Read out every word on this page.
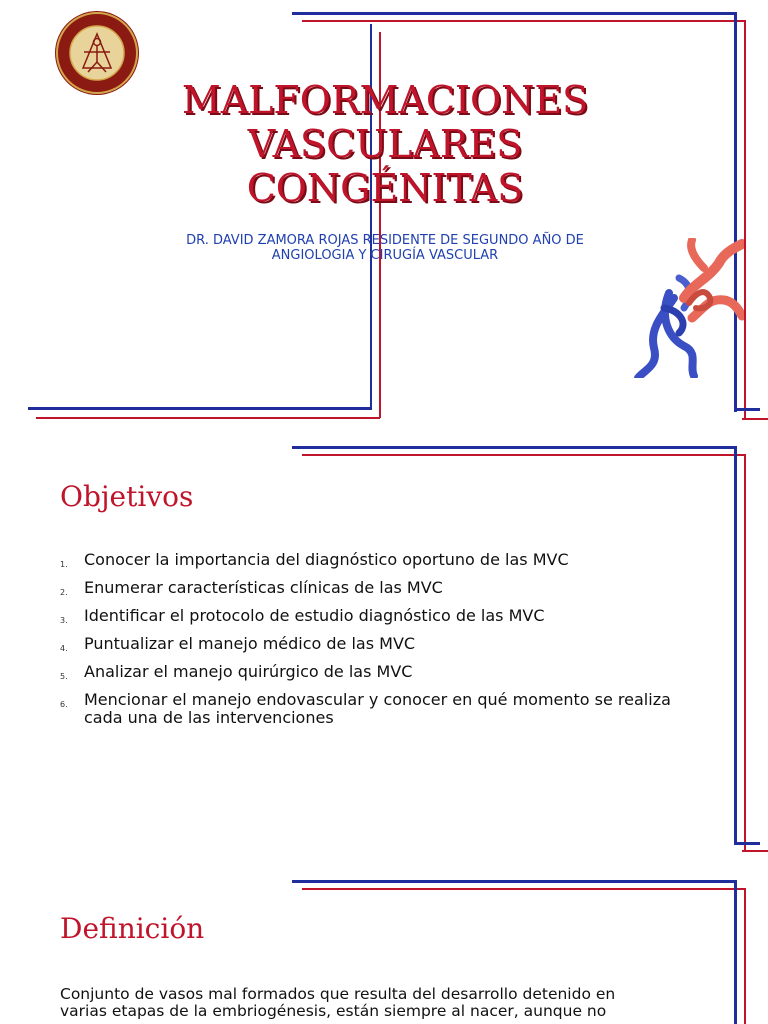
MALFORMACIONES
VASCULARES
CONGÉNITAS
DR. DAVID ZAMORA ROJAS RESIDENTE DE SEGUNDO AÑO DE
ANGIOLOGIA Y CIRUGÍA VASCULAR
Objetivos
1. Conocer la importancia del diagnóstico oportuno de las MVC
2. Enumerar características clínicas de las MVC
3. Identificar el protocolo de estudio diagnóstico de las MVC
4. Puntualizar el manejo médico de las MVC
5. Analizar el manejo quirúrgico de las MVC
6. Mencionar el manejo endovascular y conocer en qué momento se realiza cada una de las intervenciones
Definición
Conjunto de vasos mal formados que resulta del desarrollo detenido en
varias etapas de la embriogénesis, están siempre al nacer, aunque no
